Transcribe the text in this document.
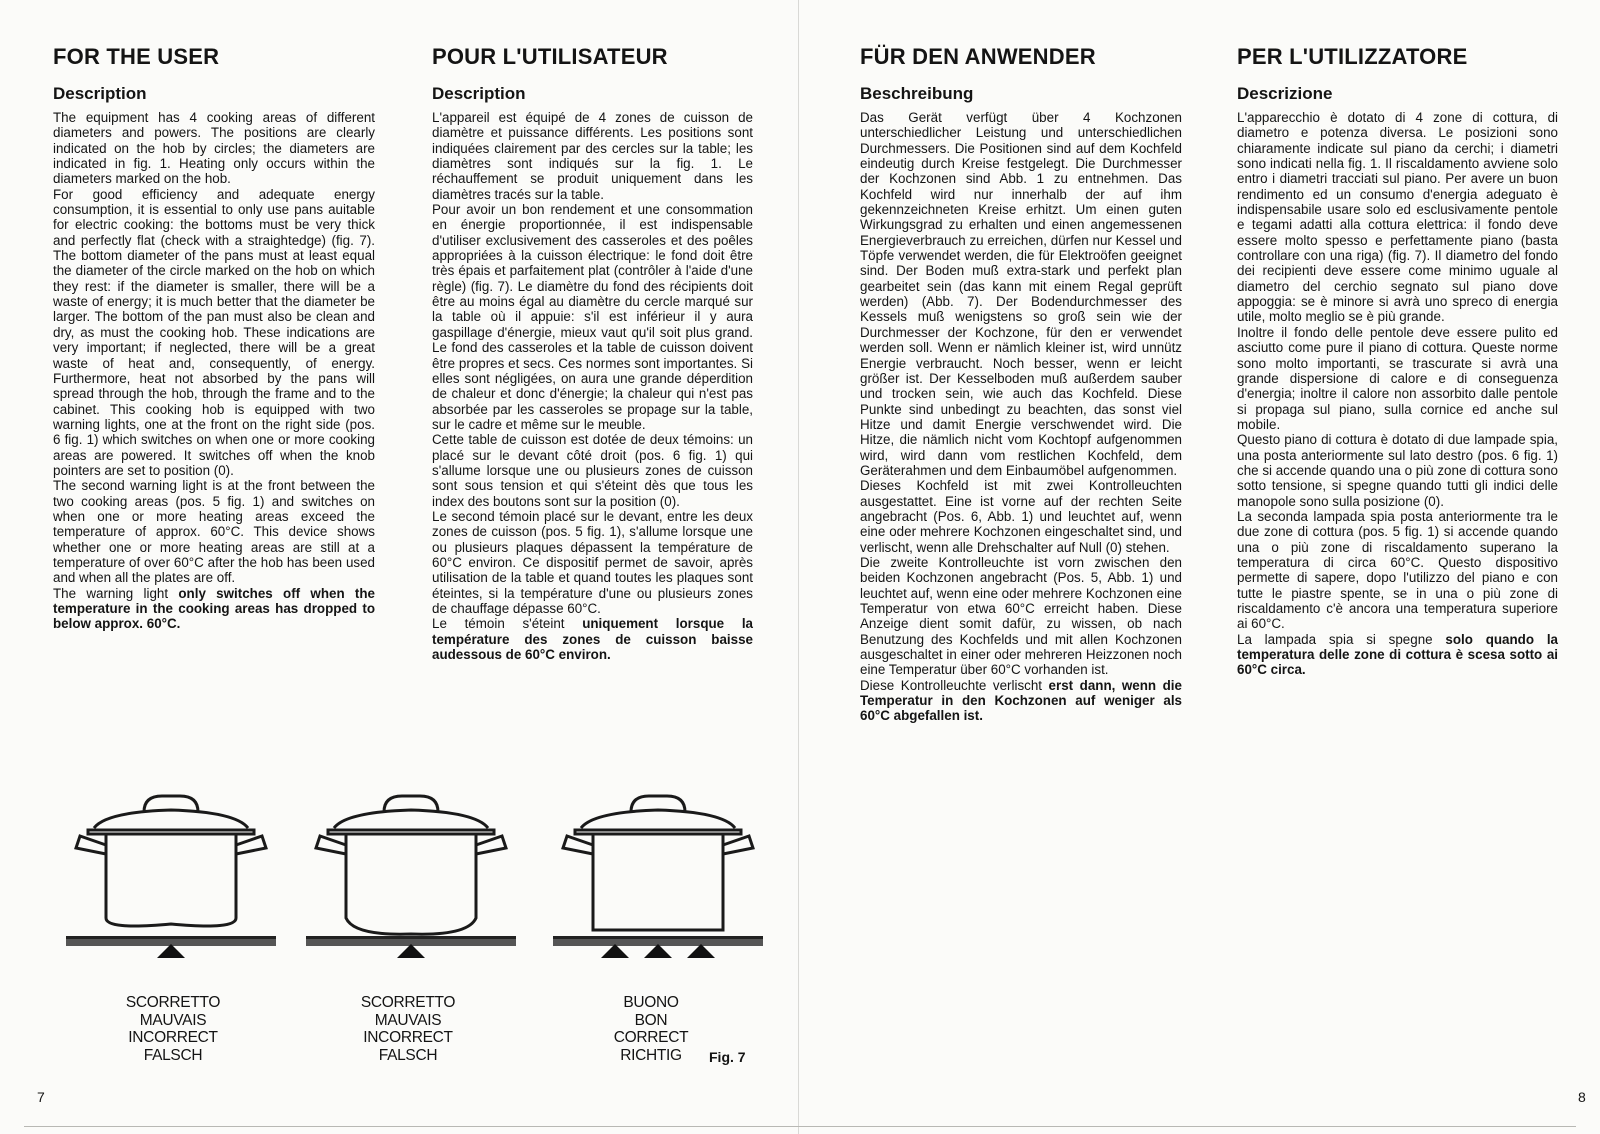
FOR THE USER
Description

The equipment has 4 cooking areas of different diameters and powers. The positions are clearly indicated on the hob by circles; the diameters are indicated in fig. 1. Heating only occurs within the diameters marked on the hob.

For good efficiency and adequate energy consumption, it is essential to only use pans auitable for electric cooking: the bottoms must be very thick and perfectly flat (check with a straightedge) (fig. 7). The bottom diameter of the pans must at least equal the diameter of the circle marked on the hob on which they rest: if the diameter is smaller, there will be a waste of energy; it is much better that the diameter be larger. The bottom of the pan must also be clean and dry, as must the cooking hob. These indications are very important; if neglected, there will be a great waste of heat and, consequently, of energy. Furthermore, heat not absorbed by the pans will spread through the hob, through the frame and to the cabinet. This cooking hob is equipped with two warning lights, one at the front on the right side (pos. 6 fig. 1) which switches on when one or more cooking areas are powered. It switches off when the knob pointers are set to position (0).

The second warning light is at the front between the two cooking areas (pos. 5 fig. 1) and switches on when one or more heating areas exceed the temperature of approx. 60°C. This device shows whether one or more heating areas are still at a temperature of over 60°C after the hob has been used and when all the plates are off.

The warning light only switches off when the temperature in the cooking areas has dropped to below approx. 60°C.

POUR L'UTILISATEUR
Description

L'appareil est équipé de 4 zones de cuisson de diamètre et puissance différents. Les positions sont indiquées clairement par des cercles sur la table; les diamètres sont indiqués sur la fig. 1. Le réchauffement se produit uniquement dans les diamètres tracés sur la table.

Pour avoir un bon rendement et une consommation en énergie proportionnée, il est indispensable d'utiliser exclusivement des casseroles et des poêles appropriées à la cuisson électrique: le fond doit être très épais et parfaitement plat (contrôler à l'aide d'une règle) (fig. 7). Le diamètre du fond des récipients doit être au moins égal au diamètre du cercle marqué sur la table où il appuie: s'il est inférieur il y aura gaspillage d'énergie, mieux vaut qu'il soit plus grand. Le fond des casseroles et la table de cuisson doivent être propres et secs. Ces normes sont importantes. Si elles sont négligées, on aura une grande déperdition de chaleur et donc d'énergie; la chaleur qui n'est pas absorbée par les casseroles se propage sur la table, sur le cadre et même sur le meuble.

Cette table de cuisson est dotée de deux témoins: un placé sur le devant côté droit (pos. 6 fig. 1) qui s'allume lorsque une ou plusieurs zones de cuisson sont sous tension et qui s'éteint dès que tous les index des boutons sont sur la position (0).

Le second témoin placé sur le devant, entre les deux zones de cuisson (pos. 5 fig. 1), s'allume lorsque une ou plusieurs plaques dépassent la température de 60°C environ. Ce dispositif permet de savoir, après utilisation de la table et quand toutes les plaques sont éteintes, si la température d'une ou plusieurs zones de chauffage dépasse 60°C.

Le témoin s'éteint uniquement lorsque la température des zones de cuisson baisse audessous de 60°C environ.

FÜR DEN ANWENDER
Beschreibung

Das Gerät verfügt über 4 Kochzonen unterschiedlicher Leistung und unterschiedlichen Durchmessers. Die Positionen sind auf dem Kochfeld eindeutig durch Kreise festgelegt. Die Durchmesser der Kochzonen sind Abb. 1 zu entnehmen. Das Kochfeld wird nur innerhalb der auf ihm gekennzeichneten Kreise erhitzt. Um einen guten Wirkungsgrad zu erhalten und einen angemessenen Energieverbrauch zu erreichen, dürfen nur Kessel und Töpfe verwendet werden, die für Elektroöfen geeignet sind. Der Boden muß extra-stark und perfekt plan gearbeitet sein (das kann mit einem Regal geprüft werden) (Abb. 7). Der Bodendurchmesser des Kessels muß wenigstens so groß sein wie der Durchmesser der Kochzone, für den er verwendet werden soll. Wenn er nämlich kleiner ist, wird unnütz Energie verbraucht. Noch besser, wenn er leicht größer ist. Der Kesselboden muß außerdem sauber und trocken sein, wie auch das Kochfeld. Diese Punkte sind unbedingt zu beachten, das sonst viel Hitze und damit Energie verschwendet wird. Die Hitze, die nämlich nicht vom Kochtopf aufgenommen wird, wird dann vom restlichen Kochfeld, dem Geräterahmen und dem Einbaumöbel aufgenommen.

Dieses Kochfeld ist mit zwei Kontrolleuchten ausgestattet. Eine ist vorne auf der rechten Seite angebracht (Pos. 6, Abb. 1) und leuchtet auf, wenn eine oder mehrere Kochzonen eingeschaltet sind, und verlischt, wenn alle Drehschalter auf Null (0) stehen.

Die zweite Kontrolleuchte ist vorn zwischen den beiden Kochzonen angebracht (Pos. 5, Abb. 1) und leuchtet auf, wenn eine oder mehrere Kochzonen eine Temperatur von etwa 60°C erreicht haben. Diese Anzeige dient somit dafür, zu wissen, ob nach Benutzung des Kochfelds und mit allen Kochzonen ausgeschaltet in einer oder mehreren Heizzonen noch eine Temperatur über 60°C vorhanden ist.

Diese Kontrolleuchte verlischt erst dann, wenn die Temperatur in den Kochzonen auf weniger als 60°C abgefallen ist.

PER L'UTILIZZATORE
Descrizione

L'apparecchio è dotato di 4 zone di cottura, di diametro e potenza diversa. Le posizioni sono chiaramente indicate sul piano da cerchi; i diametri sono indicati nella fig. 1. Il riscaldamento avviene solo entro i diametri tracciati sul piano. Per avere un buon rendimento ed un consumo d'energia adeguato è indispensabile usare solo ed esclusivamente pentole e tegami adatti alla cottura elettrica: il fondo deve essere molto spesso e perfettamente piano (basta controllare con una riga) (fig. 7). Il diametro del fondo dei recipienti deve essere come minimo uguale al diametro del cerchio segnato sul piano dove appoggia: se è minore si avrà uno spreco di energia utile, molto meglio se è più grande.

Inoltre il fondo delle pentole deve essere pulito ed asciutto come pure il piano di cottura. Queste norme sono molto importanti, se trascurate si avrà una grande dispersione di calore e di conseguenza d'energia; inoltre il calore non assorbito dalle pentole si propaga sul piano, sulla cornice ed anche sul mobile.

Questo piano di cottura è dotato di due lampade spia, una posta anteriormente sul lato destro (pos. 6 fig. 1) che si accende quando una o più zone di cottura sono sotto tensione, si spegne quando tutti gli indici delle manopole sono sulla posizione (0).

La seconda lampada spia posta anteriormente tra le due zone di cottura (pos. 5 fig. 1) si accende quando una o più zone di riscaldamento superano la temperatura di circa 60°C. Questo dispositivo permette di sapere, dopo l'utilizzo del piano e con tutte le piastre spente, se in una o più zone di riscaldamento c'è ancora una temperatura superiore ai 60°C.

La lampada spia si spegne solo quando la temperatura delle zone di cottura è scesa sotto ai 60°C circa.

SCORRETTO
MAUVAIS
INCORRECT
FALSCH
SCORRETTO
MAUVAIS
INCORRECT
FALSCH
BUONO
BON
CORRECT
RICHTIG	Fig. 7
7	8
